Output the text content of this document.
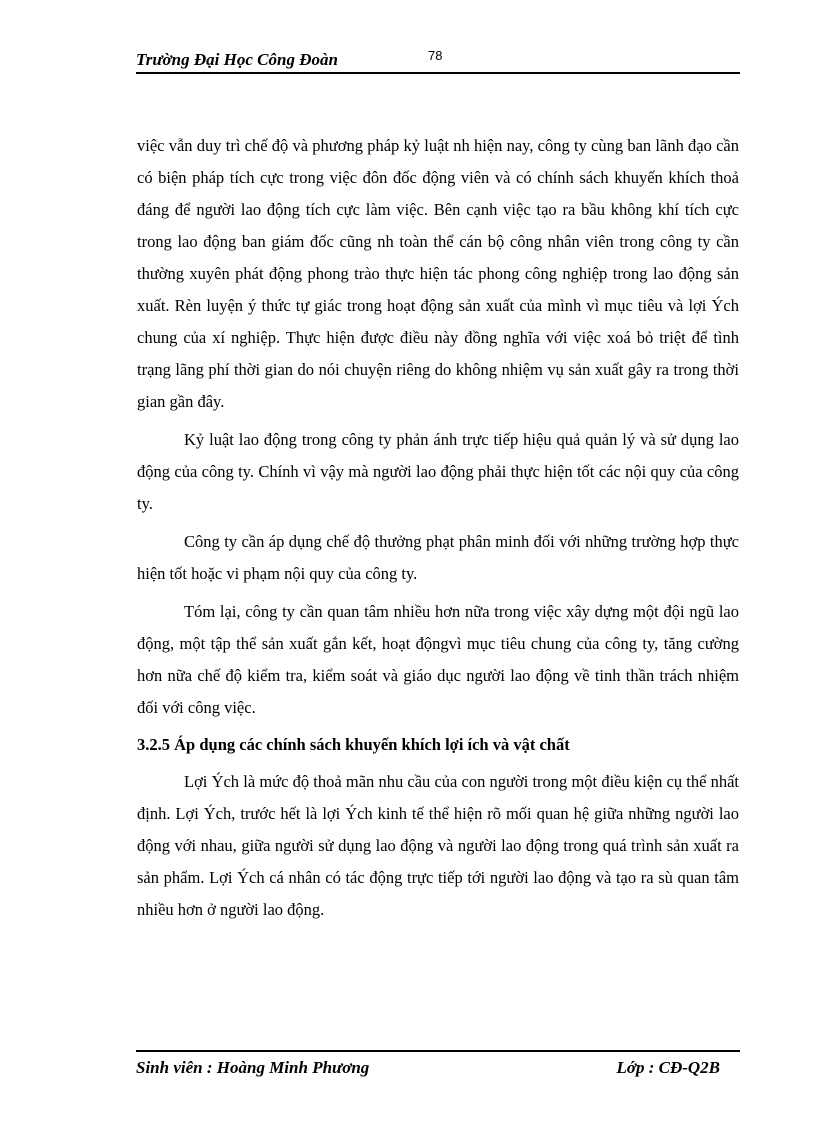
Trường Đại Học Công Đoàn	78

việc vẫn duy trì chế độ và phương pháp kỷ luật nh hiện nay, công ty cùng ban lãnh đạo cần có biện pháp tích cực trong việc đôn đốc động viên và có chính sách khuyến khích thoả đáng để người lao động tích cực làm việc. Bên cạnh việc tạo ra bầu không khí tích cực trong lao động ban giám đốc cũng nh toàn thể cán bộ công nhân viên trong công ty cần thường xuyên phát động phong trào thực hiện tác phong công nghiệp trong lao động sản xuất. Rèn luyện ý thức tự giác trong hoạt động sản xuất của mình vì mục tiêu và lợi Ých chung của xí nghiệp. Thực hiện được điều này đồng nghĩa với việc xoá bỏ triệt để tình trạng lãng phí thời gian do nói chuyện riêng do không nhiệm vụ sản xuất gây ra trong thời gian gần đây.

Kỷ luật lao động trong công ty phản ánh trực tiếp hiệu quả quản lý và sử dụng lao động của công ty. Chính vì vậy mà người lao động phải thực hiện tốt các nội quy của công ty.

Công ty cần áp dụng chế độ thưởng phạt phân minh đối với những trường hợp thực hiện tốt hoặc vi phạm nội quy của công ty.

Tóm lại, công ty cần quan tâm nhiều hơn nữa trong việc xây dựng một đội ngũ lao động, một tập thể sản xuất gắn kết, hoạt độngvì mục tiêu chung của công ty, tăng cường hơn nữa chế độ kiểm tra, kiểm soát và giáo dục người lao động về tinh thần trách nhiệm đối với công việc.

3.2.5 Áp dụng các chính sách khuyến khích lợi ích và vật chất

Lợi Ých là mức độ thoả mãn nhu cầu của con người trong một điều kiện cụ thể nhất định. Lợi Ých, trước hết là lợi Ých kinh tế thể hiện rõ mối quan hệ giữa những người lao động với nhau, giữa người sử dụng lao động và người lao động trong quá trình sản xuất ra sản phẩm. Lợi Ých cá nhân có tác động trực tiếp tới người lao động và tạo ra sù quan tâm nhiều hơn ở người lao động.

Sinh viên : Hoàng Minh Phương	Lớp : CĐ-Q2B
